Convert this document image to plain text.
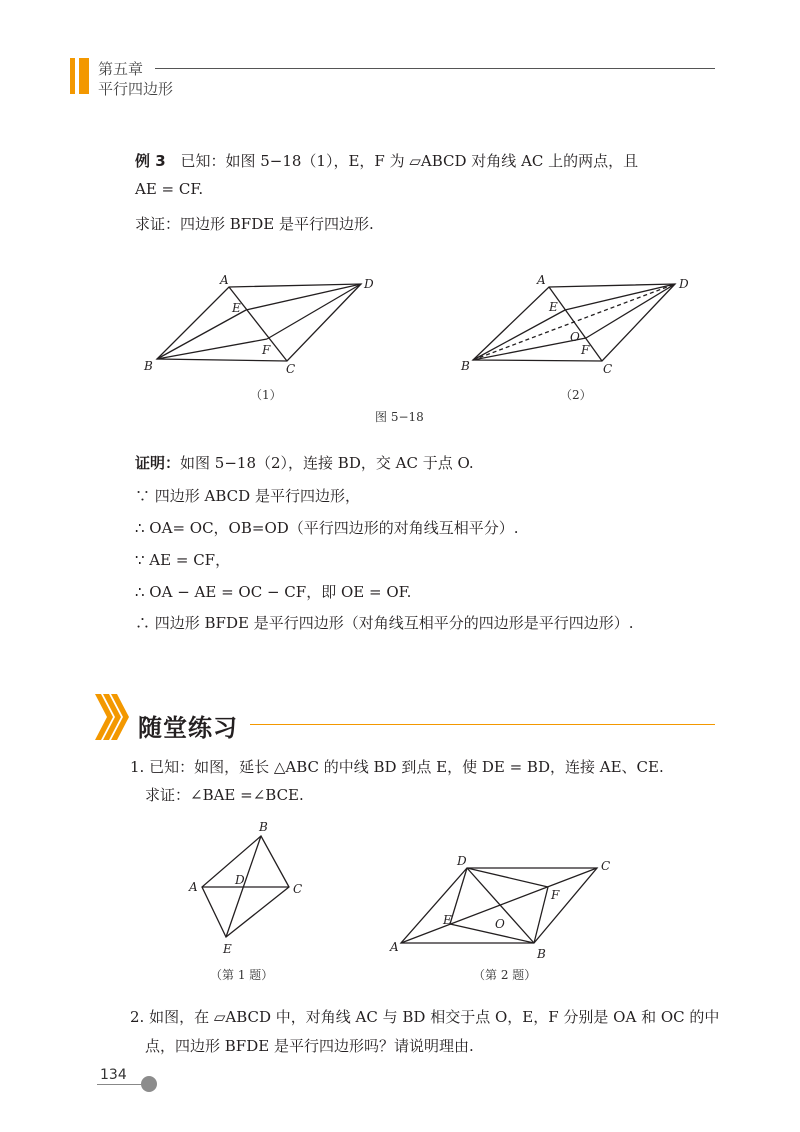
第五章
平行四边形
例 3 已知：如图 5−18（1），E，F 为 ▱ABCD 对角线 AC 上的两点，且
AE = CF.
求证：四边形 BFDE 是平行四边形.
A	D
E
F
B	C
（1）
A	D
E
O
F
B	C
（2）
图 5−18
证明：如图 5−18（2），连接 BD，交 AC 于点 O.
∵ 四边形 ABCD 是平行四边形，
∴ OA= OC，OB=OD（平行四边形的对角线互相平分）.
∵ AE = CF，
∴ OA − AE = OC − CF，即 OE = OF.
∴ 四边形 BFDE 是平行四边形（对角线互相平分的四边形是平行四边形）.
随堂练习
1. 已知：如图，延长 △ABC 的中线 BD 到点 E，使 DE = BD，连接 AE、CE.
求证：∠BAE =∠BCE.
B
A	D
C
E
（第 1 题）
D	C
F
E	O
A	B
（第 2 题）
2. 如图，在 ▱ABCD 中，对角线 AC 与 BD 相交于点 O，E，F 分别是 OA 和 OC 的中
点，四边形 BFDE 是平行四边形吗？请说明理由.
134
